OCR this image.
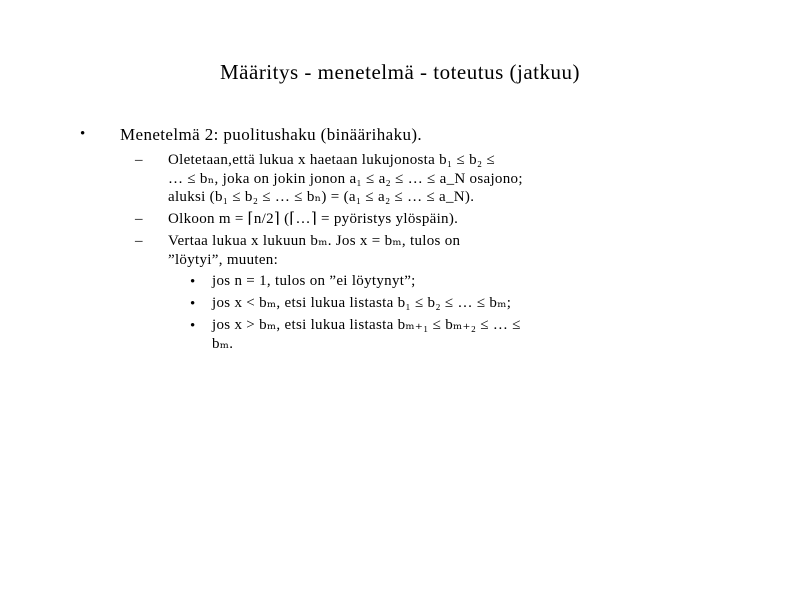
Määritys - menetelmä - toteutus (jatkuu)
• Menetelmä 2: puolitushaku (binäärihaku).
– Oletetaan,että lukua x haetaan lukujonosta b₁ ≤ b₂ ≤
… ≤ bₙ, joka on jokin jonon a₁ ≤ a₂ ≤ … ≤ a_N osajono;
aluksi (b₁ ≤ b₂ ≤ … ≤ bₙ) = (a₁ ≤ a₂ ≤ … ≤ a_N).
– Olkoon m = ⌈n/2⌉ (⌈…⌉ = pyöristys ylöspäin).
– Vertaa lukua x lukuun bₘ. Jos x = bₘ, tulos on
”löytyi”, muuten:
• jos n = 1, tulos on ”ei löytynyt”;
• jos x < bₘ, etsi lukua listasta b₁ ≤ b₂ ≤ … ≤ bₘ;
• jos x > bₘ, etsi lukua listasta bₘ₊₁ ≤ bₘ₊₂ ≤ … ≤
bₘ.
